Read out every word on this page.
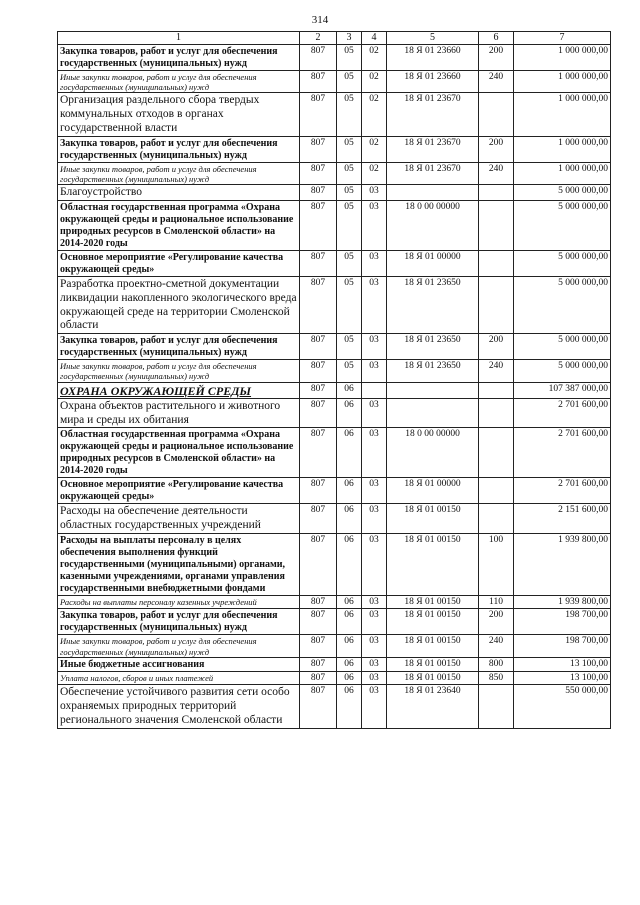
314
1	2	3	4	5	6	7
Закупка товаров, работ и услуг для обеспечения государственных (муниципальных) нужд	807	05	02	18 Я 01 23660	200	1 000 000,00
Иные закупки товаров, работ и услуг для обеспечения государственных (муниципальных) нужд	807	05	02	18 Я 01 23660	240	1 000 000,00
Организация раздельного сбора твердых коммунальных отходов в органах государственной власти	807	05	02	18 Я 01 23670		1 000 000,00
Закупка товаров, работ и услуг для обеспечения государственных (муниципальных) нужд	807	05	02	18 Я 01 23670	200	1 000 000,00
Иные закупки товаров, работ и услуг для обеспечения государственных (муниципальных) нужд	807	05	02	18 Я 01 23670	240	1 000 000,00
Благоустройство	807	05	03			5 000 000,00
Областная государственная программа «Охрана окружающей среды и рациональное использование природных ресурсов в Смоленской области» на 2014-2020 годы	807	05	03	18 0 00 00000		5 000 000,00
Основное мероприятие «Регулирование качества окружающей среды»	807	05	03	18 Я 01 00000		5 000 000,00
Разработка проектно-сметной документации ликвидации накопленного экологического вреда окружающей среде на территории Смоленской области	807	05	03	18 Я 01 23650		5 000 000,00
Закупка товаров, работ и услуг для обеспечения государственных (муниципальных) нужд	807	05	03	18 Я 01 23650	200	5 000 000,00
Иные закупки товаров, работ и услуг для обеспечения государственных (муниципальных) нужд	807	05	03	18 Я 01 23650	240	5 000 000,00
ОХРАНА ОКРУЖАЮЩЕЙ СРЕДЫ	807	06				107 387 000,00
Охрана объектов растительного и животного мира и среды их обитания	807	06	03			2 701 600,00
Областная государственная программа «Охрана окружающей среды и рациональное использование природных ресурсов в Смоленской области» на 2014-2020 годы	807	06	03	18 0 00 00000		2 701 600,00
Основное мероприятие «Регулирование качества окружающей среды»	807	06	03	18 Я 01 00000		2 701 600,00
Расходы на обеспечение деятельности областных государственных учреждений	807	06	03	18 Я 01 00150		2 151 600,00
Расходы на выплаты персоналу в целях обеспечения выполнения функций государственными (муниципальными) органами, казенными учреждениями, органами управления государственными внебюджетными фондами	807	06	03	18 Я 01 00150	100	1 939 800,00
Расходы на выплаты персоналу казенных учреждений	807	06	03	18 Я 01 00150	110	1 939 800,00
Закупка товаров, работ и услуг для обеспечения государственных (муниципальных) нужд	807	06	03	18 Я 01 00150	200	198 700,00
Иные закупки товаров, работ и услуг для обеспечения государственных (муниципальных) нужд	807	06	03	18 Я 01 00150	240	198 700,00
Иные бюджетные ассигнования	807	06	03	18 Я 01 00150	800	13 100,00
Уплата налогов, сборов и иных платежей	807	06	03	18 Я 01 00150	850	13 100,00
Обеспечение устойчивого развития сети особо охраняемых природных территорий регионального значения Смоленской области	807	06	03	18 Я 01 23640		550 000,00
